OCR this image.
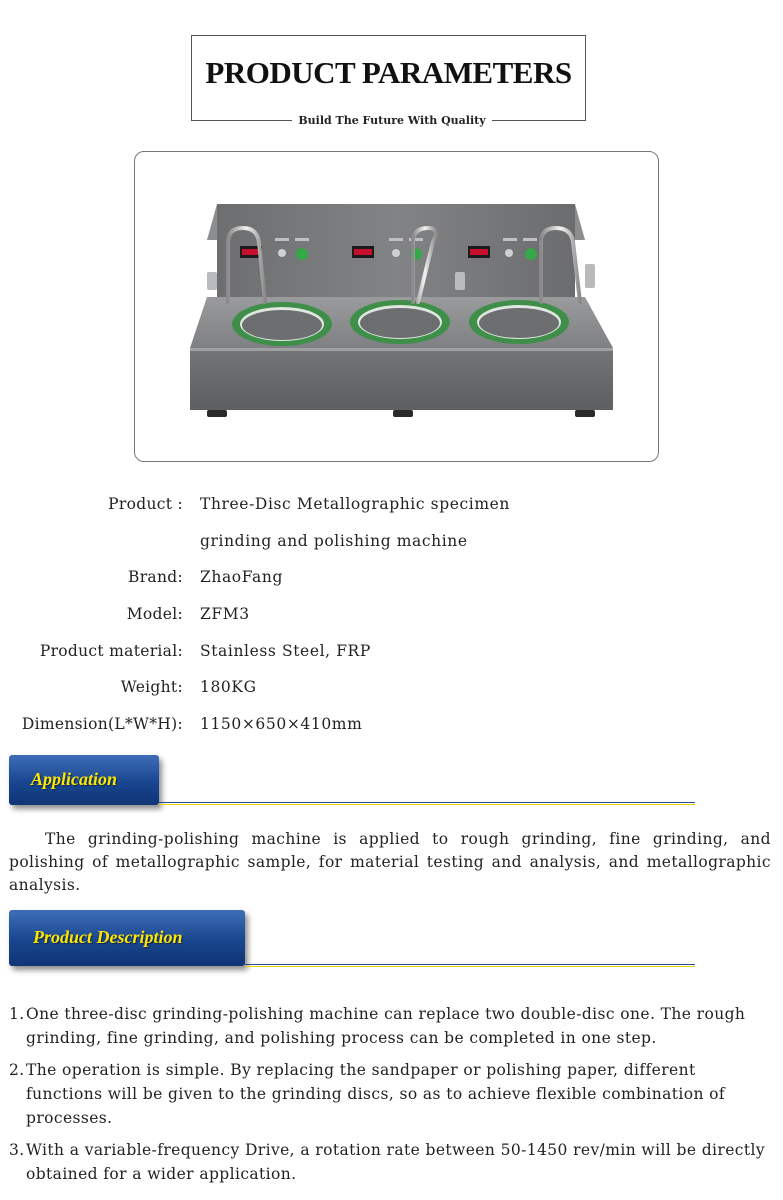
PRODUCT PARAMETERS
Build The Future With Quality
Product : Three-Disc Metallographic specimen
grinding and polishing machine
Brand: ZhaoFang
Model: ZFM3
Product material: Stainless Steel, FRP
Weight: 180KG
Dimension(L*W*H): 1150×650×410mm
Application
The grinding-polishing machine is applied to rough grinding, fine grinding, and polishing of metallographic sample, for material testing and analysis, and metallographic analysis.
Product Description
1. One three-disc grinding-polishing machine can replace two double-disc one. The rough grinding, fine grinding, and polishing process can be completed in one step.
2. The operation is simple. By replacing the sandpaper or polishing paper, different functions will be given to the grinding discs, so as to achieve flexible combination of processes.
3. With a variable-frequency Drive, a rotation rate between 50-1450 rev/min will be directly obtained for a wider application.
